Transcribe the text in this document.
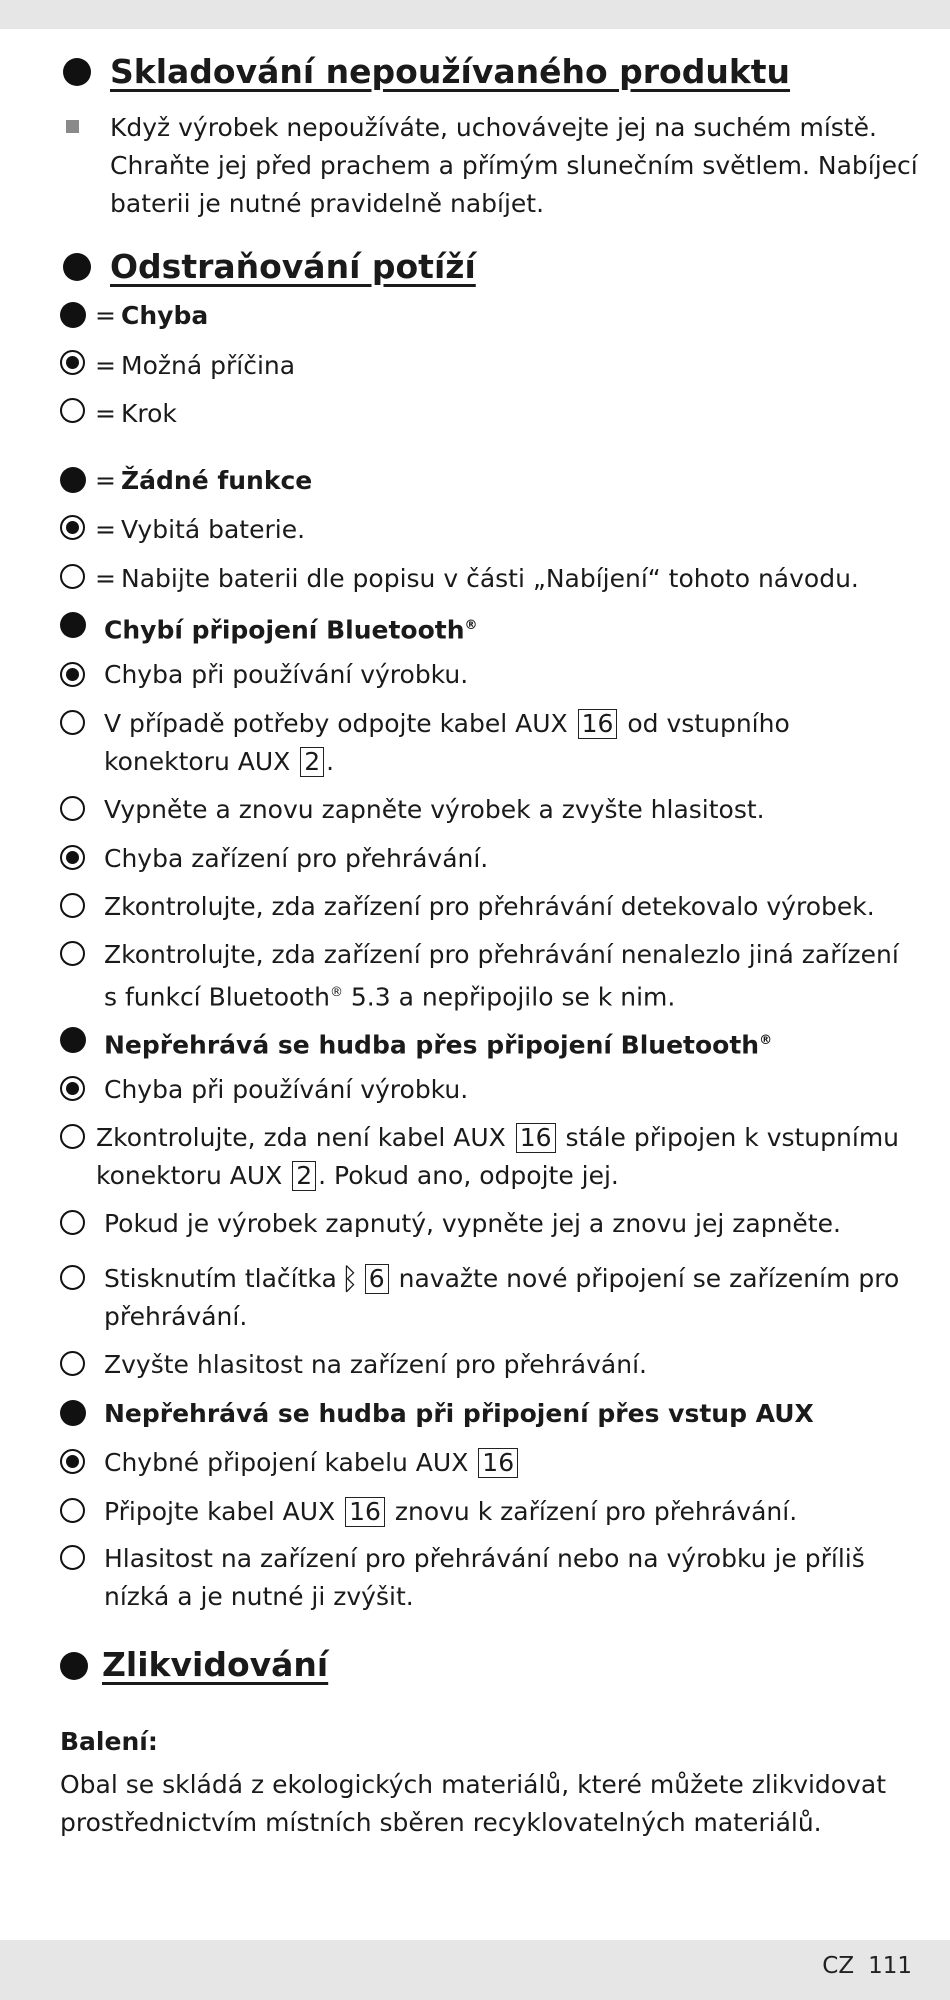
Skladování nepoužívaného produktu
Když výrobek nepoužíváte, uchovávejte jej na suchém místě.
Chraňte jej před prachem a přímým slunečním světlem. Nabíjecí
baterii je nutné pravidelně nabíjet.
Odstraňování potíží
= Chyba
= Možná příčina
= Krok
= Žádné funkce
= Vybitá baterie.
= Nabijte baterii dle popisu v části „Nabíjení“ tohoto návodu.
Chybí připojení Bluetooth®
Chyba při používání výrobku.
V případě potřeby odpojte kabel AUX 16 od vstupního
konektoru AUX 2 .
Vypněte a znovu zapněte výrobek a zvyšte hlasitost.
Chyba zařízení pro přehrávání.
Zkontrolujte, zda zařízení pro přehrávání detekovalo výrobek.
Zkontrolujte, zda zařízení pro přehrávání nenalezlo jiná zařízení
s funkcí Bluetooth® 5.3 a nepřipojilo se k nim.
Nepřehrává se hudba přes připojení Bluetooth®
Chyba při používání výrobku.
Zkontrolujte, zda není kabel AUX 16 stále připojen k vstupnímu
konektoru AUX 2 . Pokud ano, odpojte jej.
Pokud je výrobek zapnutý, vypněte jej a znovu jej zapněte.
Stisknutím tlačítka ᛒ 6 navažte nové připojení se zařízením pro
přehrávání.
Zvyšte hlasitost na zařízení pro přehrávání.
Nepřehrává se hudba při připojení přes vstup AUX
Chybné připojení kabelu AUX 16
Připojte kabel AUX 16 znovu k zařízení pro přehrávání.
Hlasitost na zařízení pro přehrávání nebo na výrobku je příliš
nízká a je nutné ji zvýšit.
Zlikvidování
Balení:
Obal se skládá z ekologických materiálů, které můžete zlikvidovat
prostřednictvím místních sběren recyklovatelných materiálů.
CZ 111
